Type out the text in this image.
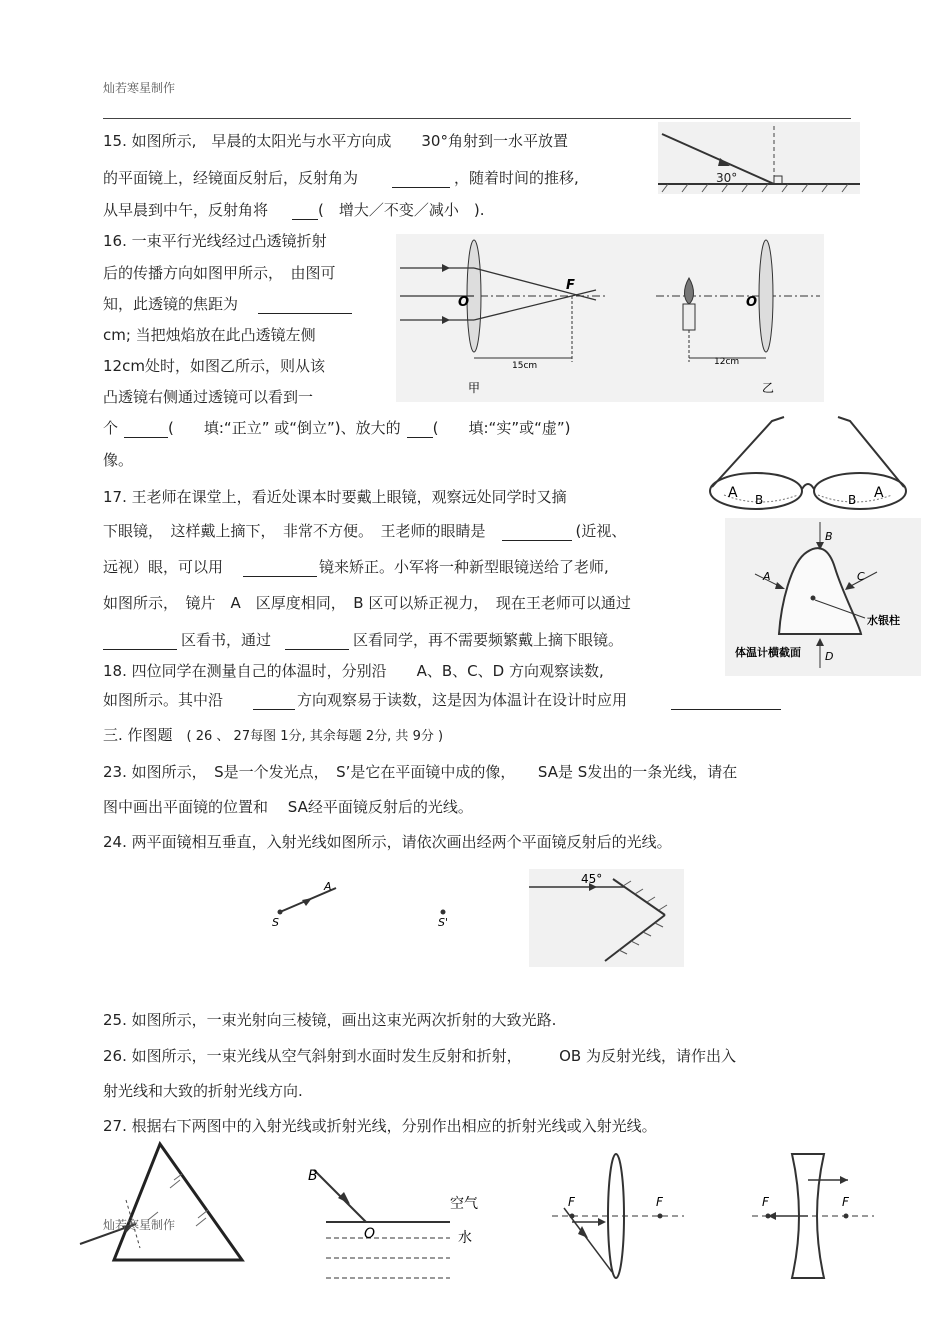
灿若寒星制作
15. 如图所示,　早晨的太阳光与水平方向成　　30°角射到一水平放置
的平面镜上，经镜面反射后，反射角为	，随着时间的推移,
从早晨到中午，反射角将	(　增大／不变／减小　).
30°
16. 一束平行光线经过凸透镜折射
后的传播方向如图甲所示，　由图可
知，此透镜的焦距为
cm; 当把烛焰放在此凸透镜左侧
12cm处时，如图乙所示，则从该
凸透镜右侧通过透镜可以看到一
个	(　　填:“正立” 或“倒立”)、放大的 (　　填:“实”或“虚”)
像。
O
F
15cm
甲
O
12cm
乙
A B	B A
17. 王老师在课堂上，看近处课本时要戴上眼镜，观察远处同学时又摘
下眼镜，　这样戴上摘下，　非常不方便。　王老师的眼睛是	(近视、
远视）眼，可以用	镜来矫正。小军将一种新型眼镜送给了老师,
如图所示，　镜片　A　区厚度相同，　B 区可以矫正视力，　现在王老师可以通过
区看书，通过	区看同学，再不需要频繁戴上摘下眼镜。
B
A	C
D
水银柱
体温计横截面
18. 四位同学在测量自己的体温时，分别沿　　A、B、C、D 方向观察读数,
如图所示。其中沿	方向观察易于读数，这是因为体温计在设计时应用
三. 作图题 ( 26 、 27每图 1分, 其余每题 2分, 共 9分 )
23. 如图所示，　S是一个发光点，　S’是它在平面镜中成的像，　　SA是 S发出的一条光线，请在
图中画出平面镜的位置和　 SA经平面镜反射后的光线。
24. 两平面镜相互垂直，入射光线如图所示，请依次画出经两个平面镜反射后的光线。
S
A
S'
45°
25. 如图所示，一束光射向三棱镜，画出这束光两次折射的大致光路.
26. 如图所示，一束光线从空气斜射到水面时发生反射和折射，　　　OB 为反射光线，请作出入
射光线和大致的折射光线方向.
27. 根据右下两图中的入射光线或折射光线，分别作出相应的折射光线或入射光线。
B
O
空气
水
F	F	F	F
灿若寒星制作
